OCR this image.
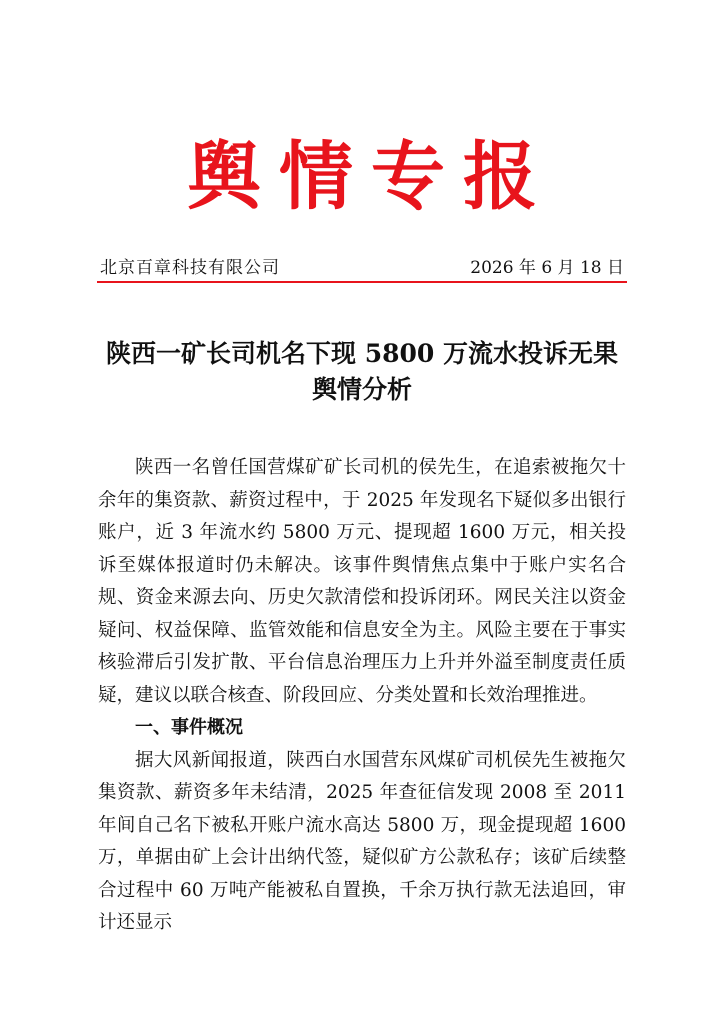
舆情专报
北京百章科技有限公司	2026 年 6 月 18 日
陕西一矿长司机名下现 5800 万流水投诉无果
舆情分析

陕西一名曾任国营煤矿矿长司机的侯先生，在追索被拖欠十余年的集资款、薪资过程中，于 2025 年发现名下疑似多出银行账户，近 3 年流水约 5800 万元、提现超 1600 万元，相关投诉至媒体报道时仍未解决。该事件舆情焦点集中于账户实名合规、资金来源去向、历史欠款清偿和投诉闭环。网民关注以资金疑问、权益保障、监管效能和信息安全为主。风险主要在于事实核验滞后引发扩散、平台信息治理压力上升并外溢至制度责任质疑，建议以联合核查、阶段回应、分类处置和长效治理推进。

一、事件概况

据大风新闻报道，陕西白水国营东风煤矿司机侯先生被拖欠集资款、薪资多年未结清，2025 年查征信发现 2008 至 2011 年间自己名下被私开账户流水高达 5800 万，现金提现超 1600 万，单据由矿上会计出纳代签，疑似矿方公款私存；该矿后续整合过程中 60 万吨产能被私自置换，千余万执行款无法追回，审计还显示
